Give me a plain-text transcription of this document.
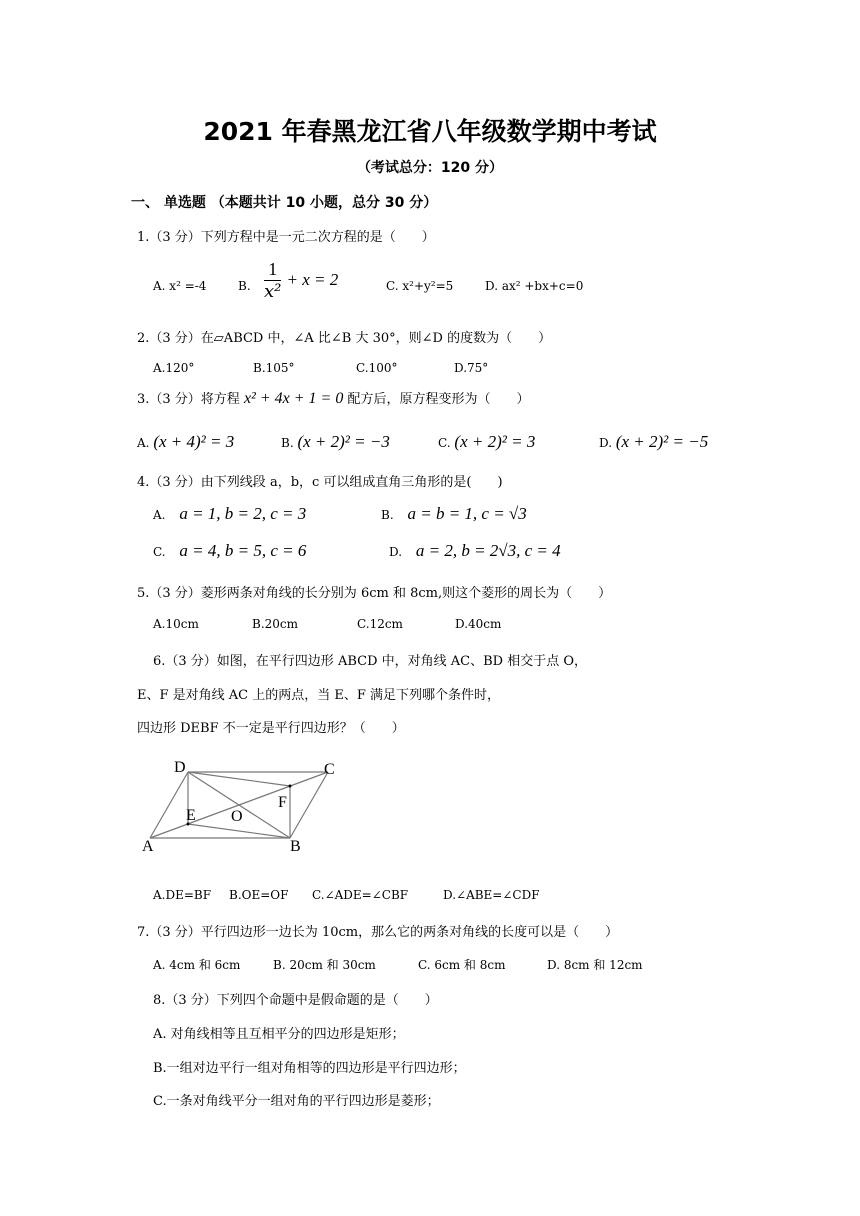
2021 年春黑龙江省八年级数学期中考试
（考试总分：120 分）
一、 单选题 （本题共计 10 小题，总分 30 分）
1.（3 分）下列方程中是一元二次方程的是（　　）
A. x² =-4	B. $\frac{1}{\text{x²}} + x = 2$	C. x²+y²=5	D. ax² +bx+c=0
2.（3 分）在▱ABCD 中，∠A 比∠B 大 30°，则∠D 的度数为（　　）
A.120°	B.105°	C.100°	D.75°
3.（3 分）将方程 x² + 4x + 1 = 0 配方后，原方程变形为（　　）
A. (x + 4)² = 3	B. (x + 2)² = −3	C. (x + 2)² = 3	D. (x + 2)² = −5
4.（3 分）由下列线段 a，b，c 可以组成直角三角形的是(　　)
A. a = 1, b = 2, c = 3	B. a = b = 1, c = √3
C. a = 4, b = 5, c = 6	D. a = 2, b = 2√3, c = 4
5.（3 分）菱形两条对角线的长分别为 6cm 和 8cm,则这个菱形的周长为（　　）
A.10cm	B.20cm	C.12cm	D.40cm
6.（3 分）如图，在平行四边形 ABCD 中，对角线 AC、BD 相交于点 O，
E、F 是对角线 AC 上的两点，当 E、F 满足下列哪个条件时，
四边形 DEBF 不一定是平行四边形？（　　）
D	C
A	B
E
F
O
A.DE=BF B.OE=OF C.∠ADE=∠CBF	D.∠ABE=∠CDF
7.（3 分）平行四边形一边长为 10cm，那么它的两条对角线的长度可以是（　　）
A. 4cm 和 6cm	B. 20cm 和 30cm	C. 6cm 和 8cm	D. 8cm 和 12cm
8.（3 分）下列四个命题中是假命题的是（　　）
A. 对角线相等且互相平分的四边形是矩形；
B.一组对边平行一组对角相等的四边形是平行四边形；
C.一条对角线平分一组对角的平行四边形是菱形；
